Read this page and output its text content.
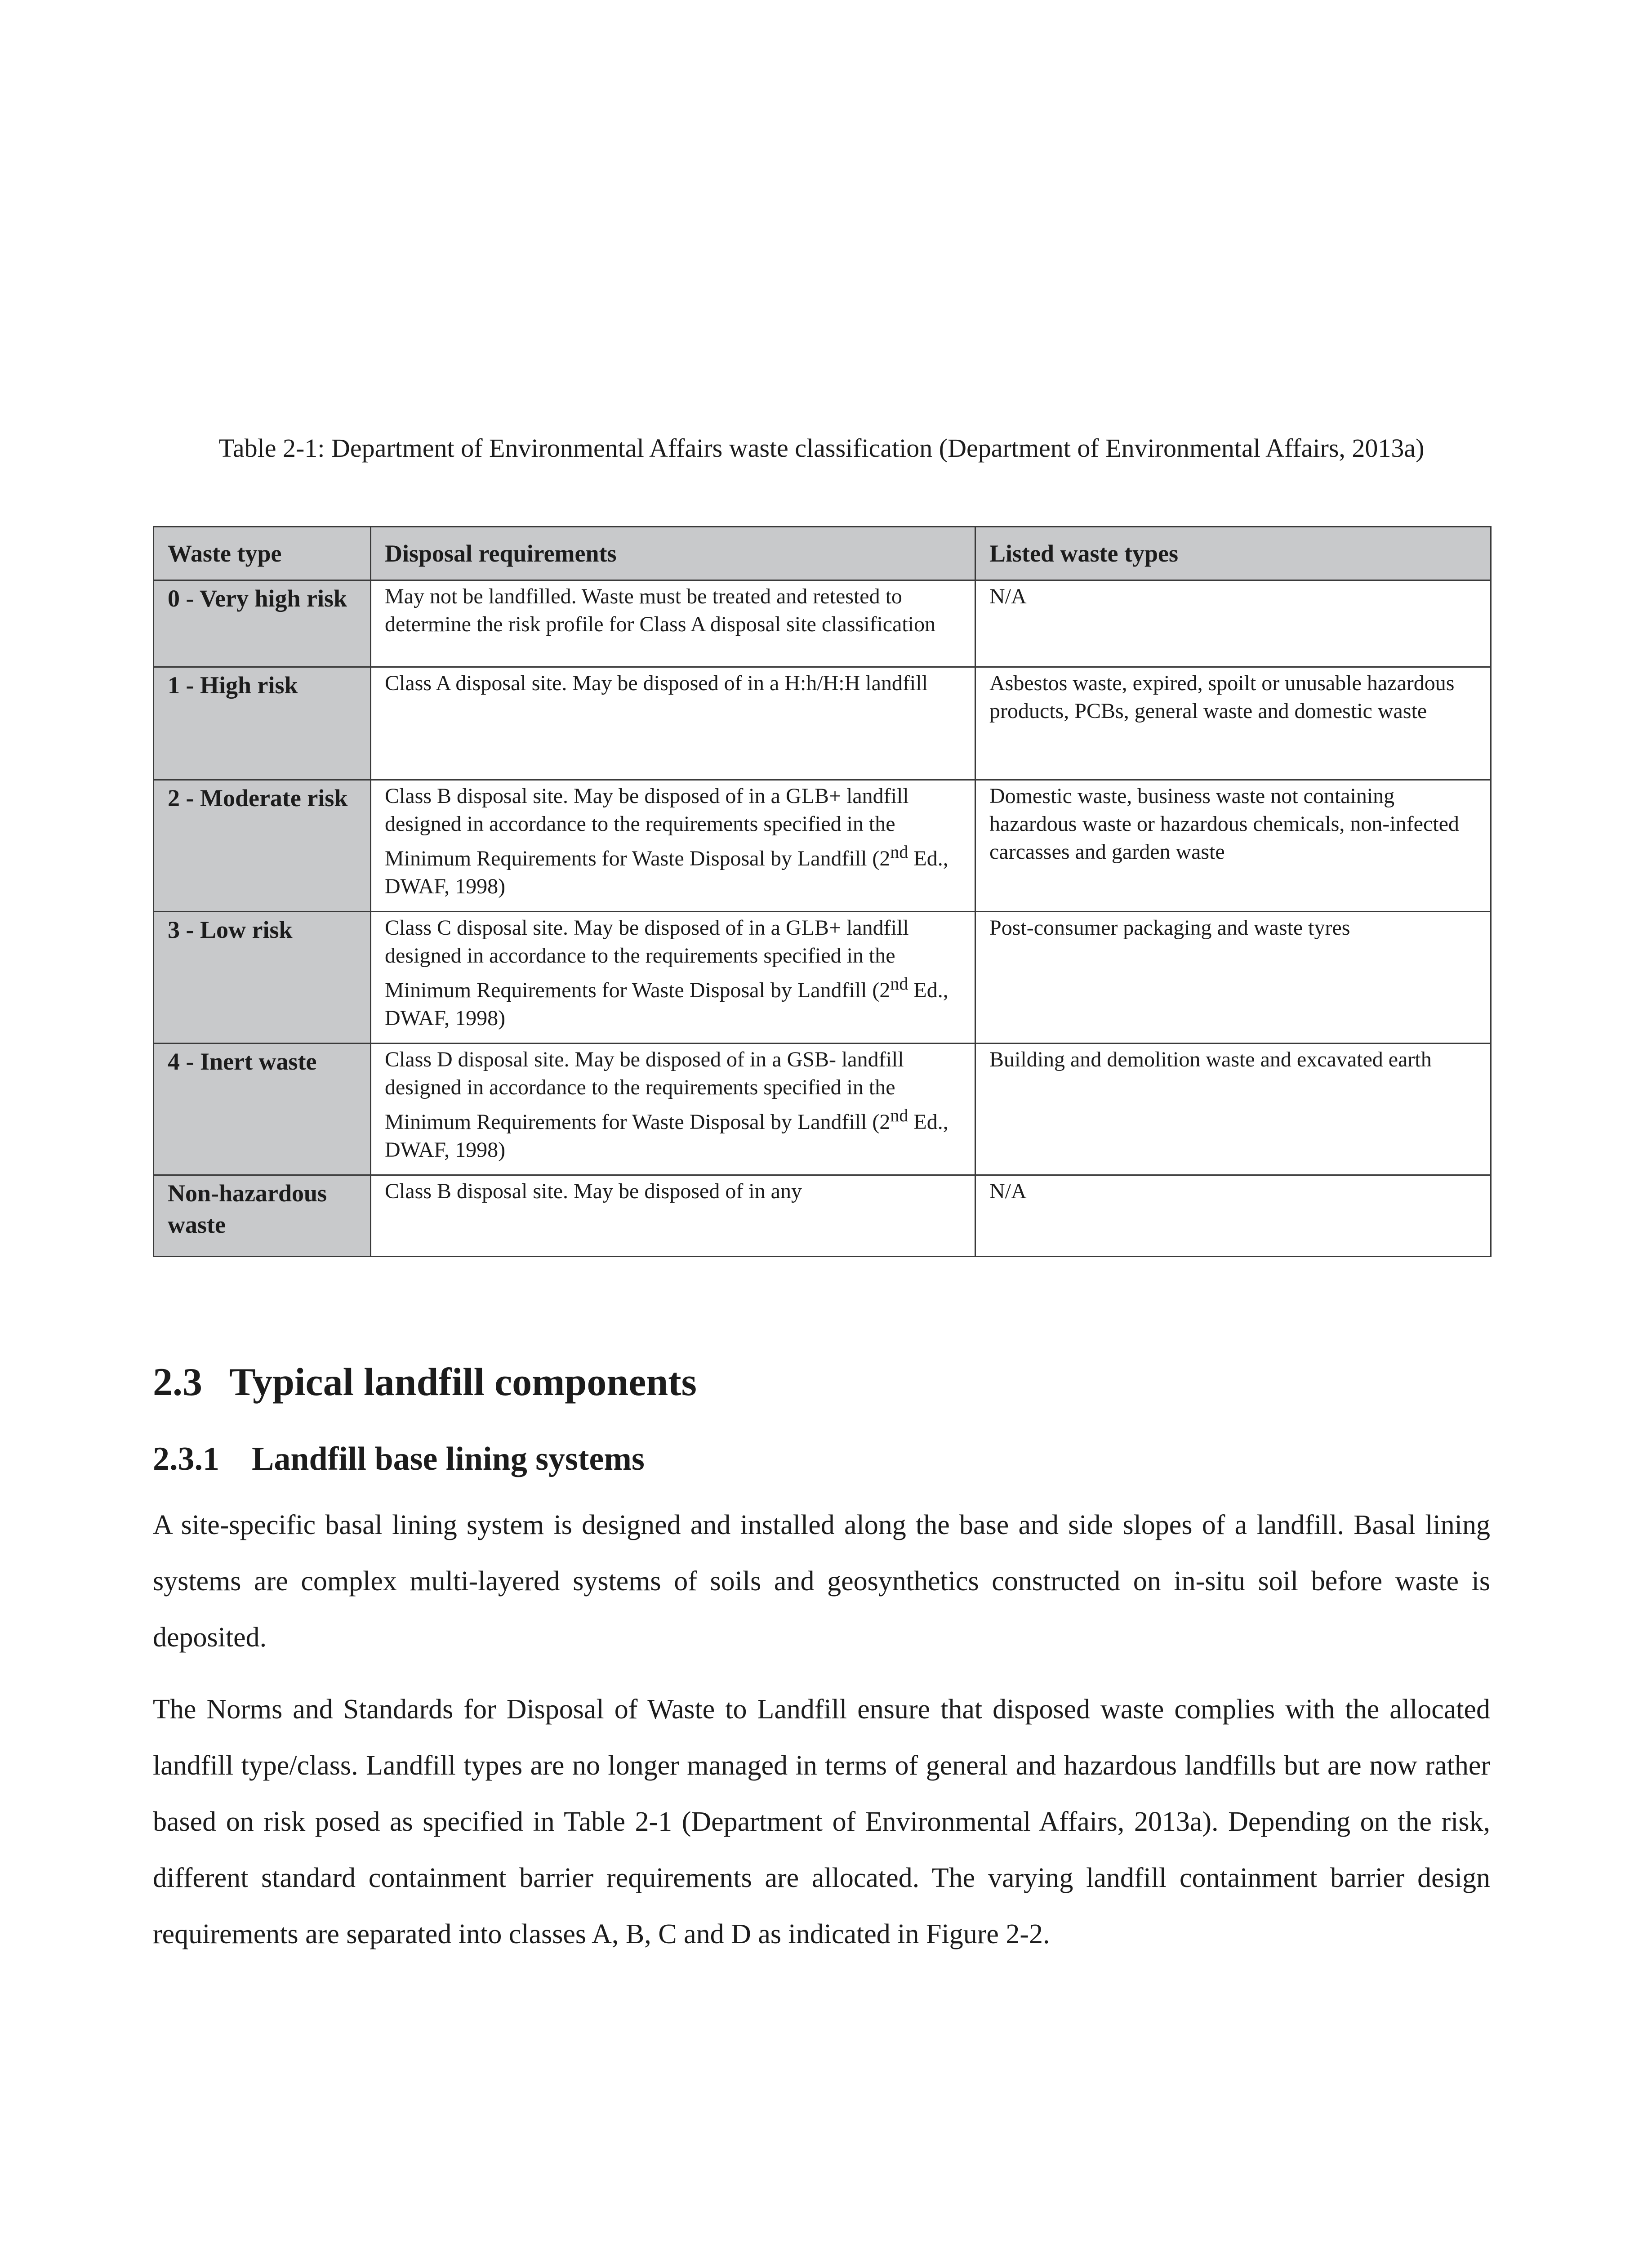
Table 2-1: Department of Environmental Affairs waste classification (Department of Environmental Affairs, 2013a)
Waste type	Disposal requirements	Listed waste types
0 - Very high risk	May not be landfilled. Waste must be treated and retested to determine the risk profile for Class A disposal site classification	N/A
1 - High risk	Class A disposal site. May be disposed of in a H:h/H:H landfill	Asbestos waste, expired, spoilt or unusable hazardous products, PCBs, general waste and domestic waste
2 - Moderate risk	Class B disposal site. May be disposed of in a GLB+ landfill designed in accordance to the requirements specified in the Minimum Requirements for Waste Disposal by Landfill (2nd Ed., DWAF, 1998)	Domestic waste, business waste not containing hazardous waste or hazardous chemicals, non-infected carcasses and garden waste
3 - Low risk	Class C disposal site. May be disposed of in a GLB+ landfill designed in accordance to the requirements specified in the Minimum Requirements for Waste Disposal by Landfill (2nd Ed., DWAF, 1998)	Post-consumer packaging and waste tyres
4 - Inert waste	Class D disposal site. May be disposed of in a GSB- landfill designed in accordance to the requirements specified in the Minimum Requirements for Waste Disposal by Landfill (2nd Ed., DWAF, 1998)	Building and demolition waste and excavated earth
Non-hazardous waste	Class B disposal site. May be disposed of in any	N/A
2.3 Typical landfill components
2.3.1 Landfill base lining systems
A site-specific basal lining system is designed and installed along the base and side slopes of a landfill. Basal lining systems are complex multi-layered systems of soils and geosynthetics constructed on in-situ soil before waste is deposited.
The Norms and Standards for Disposal of Waste to Landfill ensure that disposed waste complies with the allocated landfill type/class. Landfill types are no longer managed in terms of general and hazardous landfills but are now rather based on risk posed as specified in Table 2-1 (Department of Environmental Affairs, 2013a). Depending on the risk, different standard containment barrier requirements are allocated. The varying landfill containment barrier design requirements are separated into classes A, B, C and D as indicated in Figure 2-2.
